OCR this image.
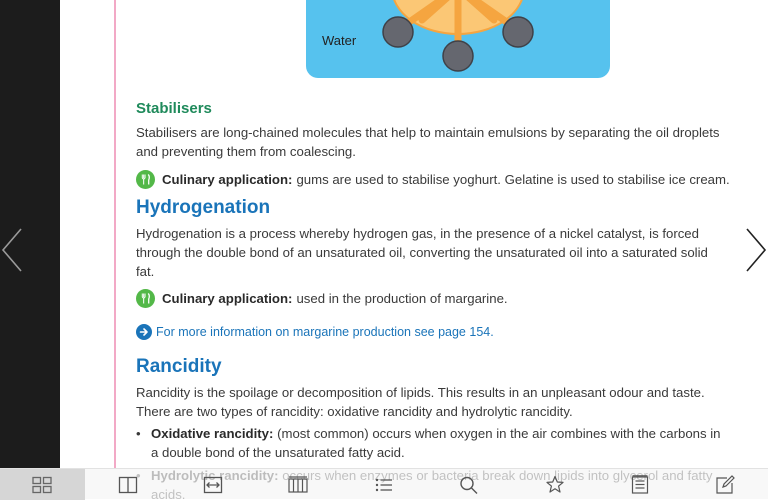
Water
Stabilisers
Stabilisers are long-chained molecules that help to maintain emulsions by separating the oil droplets and preventing them from coalescing.
Culinary application: gums are used to stabilise yoghurt. Gelatine is used to stabilise ice cream.
Hydrogenation
Hydrogenation is a process whereby hydrogen gas, in the presence of a nickel catalyst, is forced through the double bond of an unsaturated oil, converting the unsaturated oil into a saturated solid fat.
Culinary application: used in the production of margarine.
For more information on margarine production see page 154.
Rancidity
Rancidity is the spoilage or decomposition of lipids. This results in an unpleasant odour and taste. There are two types of rancidity: oxidative rancidity and hydrolytic rancidity.
• Oxidative rancidity: (most common) occurs when oxygen in the air combines with the carbons in a double bond of the unsaturated fatty acid.
•
